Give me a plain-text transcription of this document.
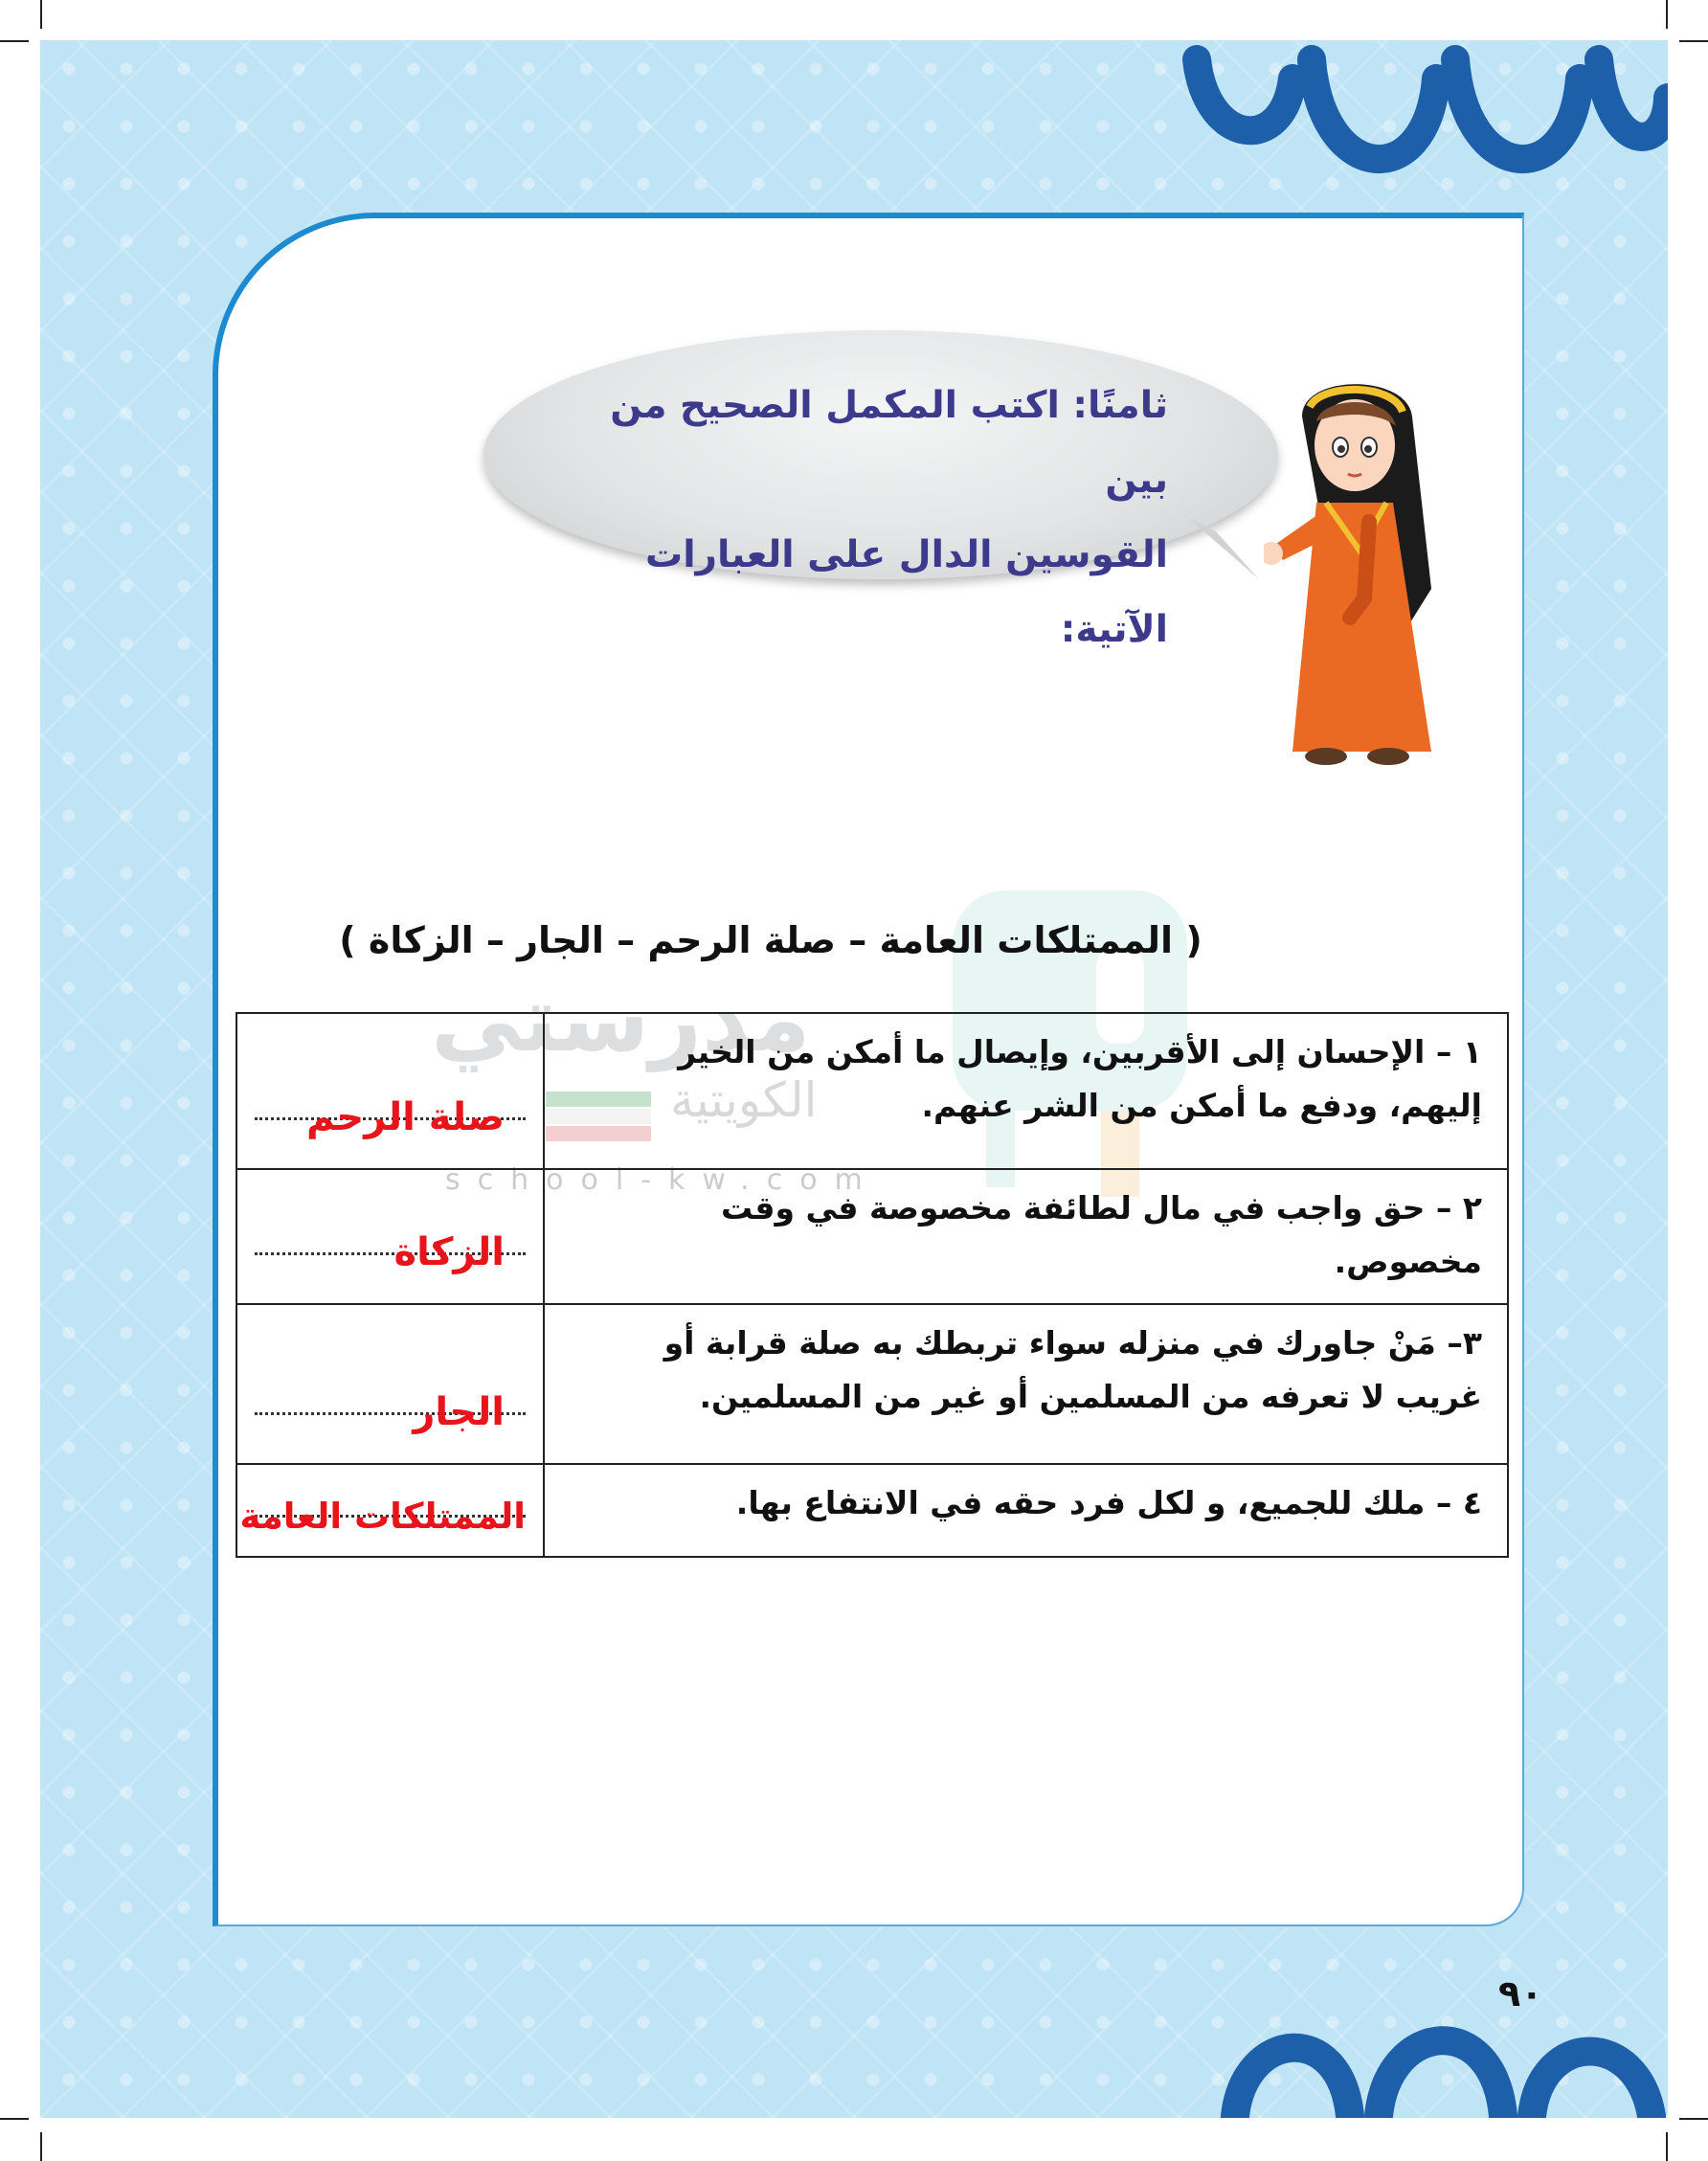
ثامنًا: اكتب المكمل الصحيح من بين
القوسين الدال على العبارات الآتية:
مدرستي
الكويتية
school-kw.com
( الممتلكات العامة – صلة الرحم – الجار – الزكاة )
صلة الرحم	١ – الإحسان إلى الأقربين، وإيصال ما أمكن من الخير إليهم، ودفع ما أمكن من الشر عنهم.

الزكاة	٢ – حق واجب في مال لطائفة مخصوصة في وقت مخصوص.

الجار	٣– مَنْ جاورك في منزله سواء تربطك به صلة قرابة أو غريب لا تعرفه من المسلمين أو غير من المسلمين.

الممتلكات العامة	٤ – ملك للجميع، و لكل فرد حقه في الانتفاع بها.
٩٠
